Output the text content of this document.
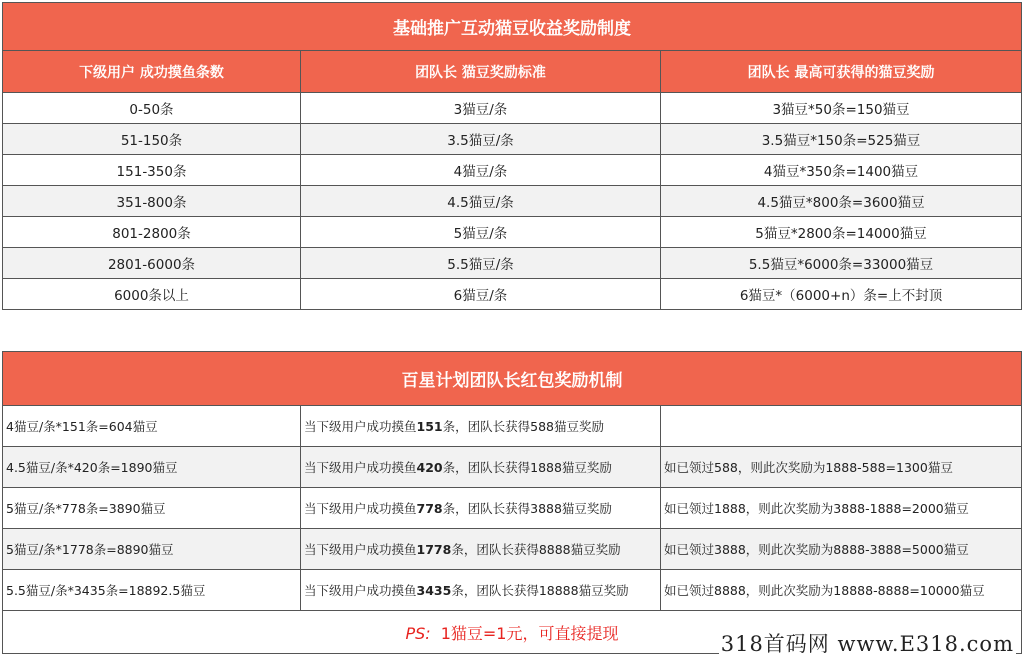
基础推广互动猫豆收益奖励制度		
下级用户 成功摸鱼条数	团队长 猫豆奖励标准	团队长 最高可获得的猫豆奖励
0-50条	3猫豆/条	3猫豆*50条=150猫豆
51-150条	3.5猫豆/条	3.5猫豆*150条=525猫豆
151-350条	4猫豆/条	4猫豆*350条=1400猫豆
351-800条	4.5猫豆/条	4.5猫豆*800条=3600猫豆
801-2800条	5猫豆/条	5猫豆*2800条=14000猫豆
2801-6000条	5.5猫豆/条	5.5猫豆*6000条=33000猫豆
6000条以上	6猫豆/条	6猫豆*（6000+n）条=上不封顶
百星计划团队长红包奖励机制		
4猫豆/条*151条=604猫豆	当下级用户成功摸鱼151条，团队长获得588猫豆奖励	
4.5猫豆/条*420条=1890猫豆	当下级用户成功摸鱼420条，团队长获得1888猫豆奖励	如已领过588，则此次奖励为1888-588=1300猫豆
5猫豆/条*778条=3890猫豆	当下级用户成功摸鱼778条，团队长获得3888猫豆奖励	如已领过1888，则此次奖励为3888-1888=2000猫豆
5猫豆/条*1778条=8890猫豆	当下级用户成功摸鱼1778条，团队长获得8888猫豆奖励	如已领过3888，则此次奖励为8888-3888=5000猫豆
5.5猫豆/条*3435条=18892.5猫豆	当下级用户成功摸鱼3435条，团队长获得18888猫豆奖励	如已领过8888，则此次奖励为18888-8888=10000猫豆
PS: 1猫豆=1元，可直接提现			318首码网 www.E318.com
